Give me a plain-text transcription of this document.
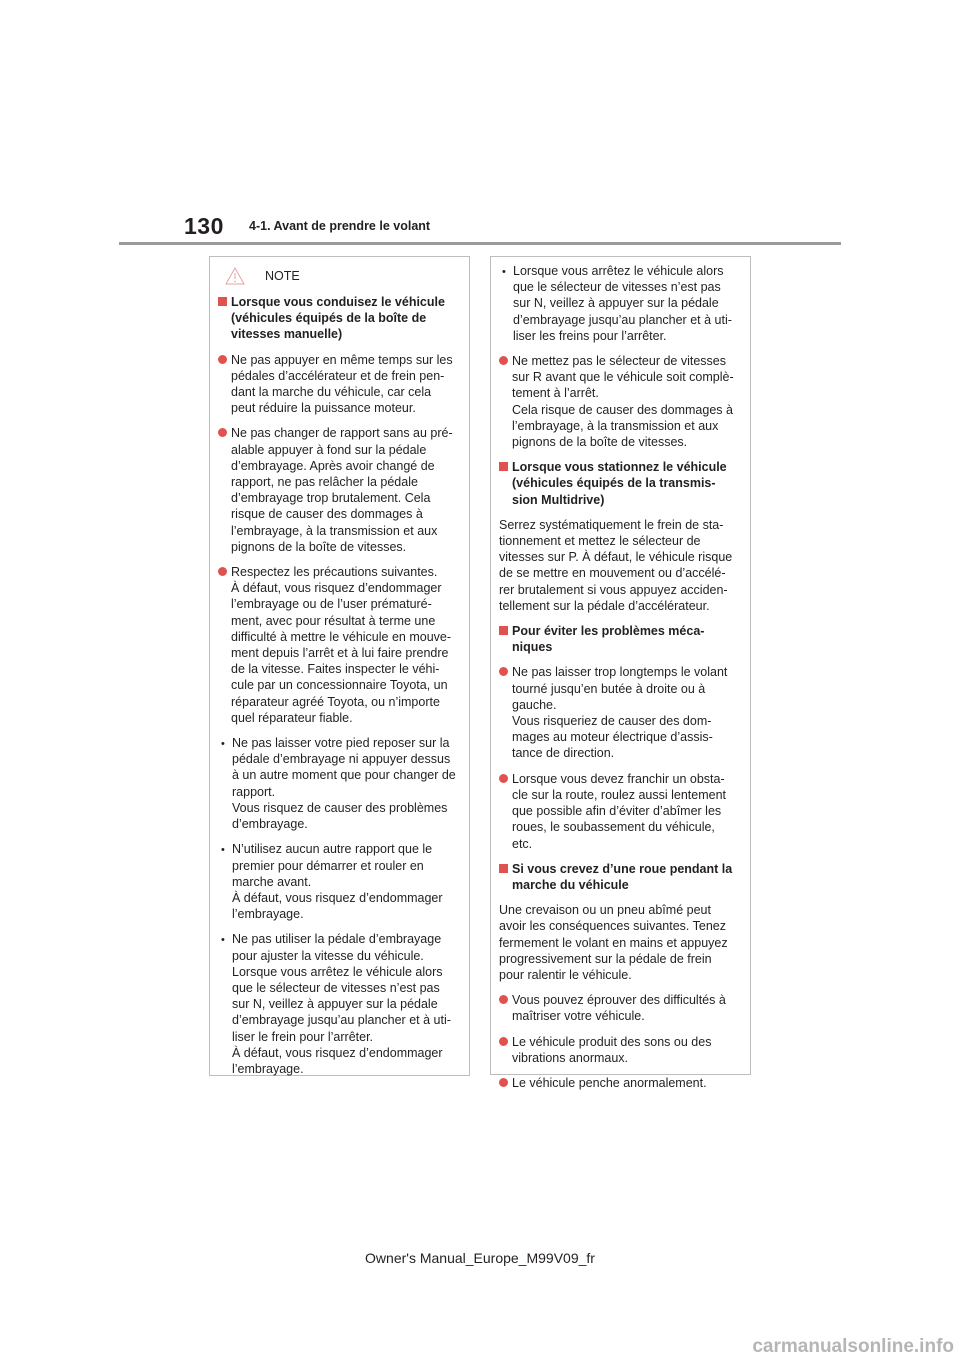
130 4-1. Avant de prendre le volant
NOTE
Lorsque vous conduisez le véhicule
(véhicules équipés de la boîte de
vitesses manuelle)
Ne pas appuyer en même temps sur les
pédales d’accélérateur et de frein pen-
dant la marche du véhicule, car cela
peut réduire la puissance moteur.
Ne pas changer de rapport sans au pré-
alable appuyer à fond sur la pédale
d’embrayage. Après avoir changé de
rapport, ne pas relâcher la pédale
d’embrayage trop brutalement. Cela
risque de causer des dommages à
l’embrayage, à la transmission et aux
pignons de la boîte de vitesses.
Respectez les précautions suivantes.
À défaut, vous risquez d’endommager
l’embrayage ou de l’user prématuré-
ment, avec pour résultat à terme une
difficulté à mettre le véhicule en mouve-
ment depuis l’arrêt et à lui faire prendre
de la vitesse. Faites inspecter le véhi-
cule par un concessionnaire Toyota, un
réparateur agréé Toyota, ou n’importe
quel réparateur fiable.
•
Ne pas laisser votre pied reposer sur la
pédale d’embrayage ni appuyer dessus
à un autre moment que pour changer de
rapport.
Vous risquez de causer des problèmes
d’embrayage.
•
N’utilisez aucun autre rapport que le
premier pour démarrer et rouler en
marche avant.
À défaut, vous risquez d’endommager
l’embrayage.
•
Ne pas utiliser la pédale d’embrayage
pour ajuster la vitesse du véhicule.
Lorsque vous arrêtez le véhicule alors
que le sélecteur de vitesses n’est pas
sur N, veillez à appuyer sur la pédale
d’embrayage jusqu’au plancher et à uti-
liser le frein pour l’arrêter.
À défaut, vous risquez d’endommager
l’embrayage.
•
Lorsque vous arrêtez le véhicule alors
que le sélecteur de vitesses n’est pas
sur N, veillez à appuyer sur la pédale
d’embrayage jusqu’au plancher et à uti-
liser les freins pour l’arrêter.
Ne mettez pas le sélecteur de vitesses
sur R avant que le véhicule soit complè-
tement à l’arrêt.
Cela risque de causer des dommages à
l’embrayage, à la transmission et aux
pignons de la boîte de vitesses.
Lorsque vous stationnez le véhicule
(véhicules équipés de la transmis-
sion Multidrive)
Serrez systématiquement le frein de sta-
tionnement et mettez le sélecteur de
vitesses sur P. À défaut, le véhicule risque
de se mettre en mouvement ou d’accélé-
rer brutalement si vous appuyez acciden-
tellement sur la pédale d’accélérateur.
Pour éviter les problèmes méca-
niques
Ne pas laisser trop longtemps le volant
tourné jusqu’en butée à droite ou à
gauche.
Vous risqueriez de causer des dom-
mages au moteur électrique d’assis-
tance de direction.
Lorsque vous devez franchir un obsta-
cle sur la route, roulez aussi lentement
que possible afin d’éviter d’abîmer les
roues, le soubassement du véhicule,
etc.
Si vous crevez d’une roue pendant la
marche du véhicule
Une crevaison ou un pneu abîmé peut
avoir les conséquences suivantes. Tenez
fermement le volant en mains et appuyez
progressivement sur la pédale de frein
pour ralentir le véhicule.
Vous pouvez éprouver des difficultés à
maîtriser votre véhicule.
Le véhicule produit des sons ou des
vibrations anormaux.
Le véhicule penche anormalement.
Owner's Manual_Europe_M99V09_fr
carmanualsonline.info
